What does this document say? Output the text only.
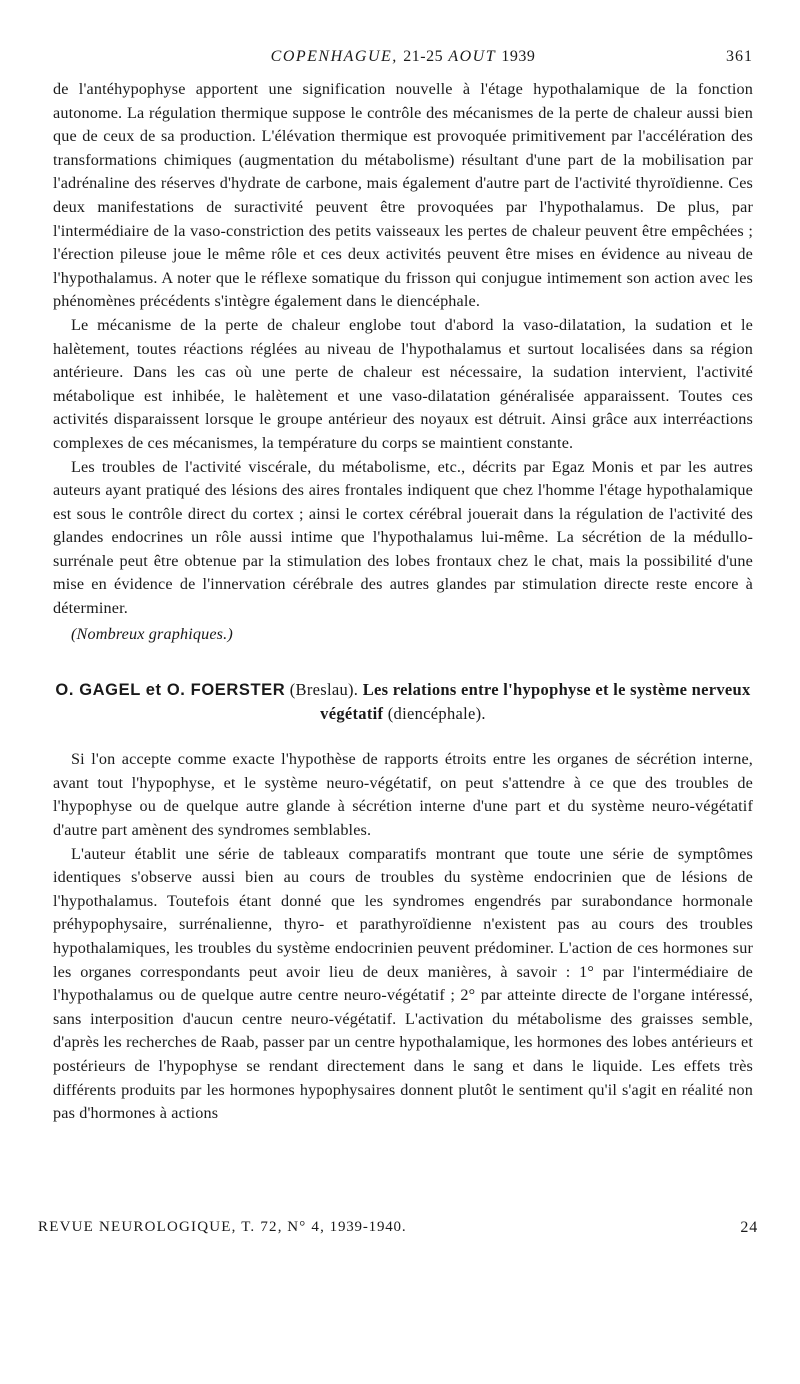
COPENHAGUE, 21-25 AOUT 1939	361

de l'antéhypophyse apportent une signification nouvelle à l'étage hypothalamique de la fonction autonome. La régulation thermique suppose le contrôle des mécanismes de la perte de chaleur aussi bien que de ceux de sa production. L'élévation thermique est provoquée primitivement par l'accélération des transformations chimiques (augmentation du métabolisme) résultant d'une part de la mobilisation par l'adrénaline des réserves d'hydrate de carbone, mais également d'autre part de l'activité thyroïdienne. Ces deux manifestations de suractivité peuvent être provoquées par l'hypothalamus. De plus, par l'intermédiaire de la vaso-constriction des petits vaisseaux les pertes de chaleur peuvent être empêchées ; l'érection pileuse joue le même rôle et ces deux activités peuvent être mises en évidence au niveau de l'hypothalamus. A noter que le réflexe somatique du frisson qui conjugue intimement son action avec les phénomènes précédents s'intègre également dans le diencéphale.

Le mécanisme de la perte de chaleur englobe tout d'abord la vaso-dilatation, la sudation et le halètement, toutes réactions réglées au niveau de l'hypothalamus et surtout localisées dans sa région antérieure. Dans les cas où une perte de chaleur est nécessaire, la sudation intervient, l'activité métabolique est inhibée, le halètement et une vaso-dilatation généralisée apparaissent. Toutes ces activités disparaissent lorsque le groupe antérieur des noyaux est détruit. Ainsi grâce aux interréactions complexes de ces mécanismes, la température du corps se maintient constante.

Les troubles de l'activité viscérale, du métabolisme, etc., décrits par Egaz Monis et par les autres auteurs ayant pratiqué des lésions des aires frontales indiquent que chez l'homme l'étage hypothalamique est sous le contrôle direct du cortex ; ainsi le cortex cérébral jouerait dans la régulation de l'activité des glandes endocrines un rôle aussi intime que l'hypothalamus lui-même. La sécrétion de la médullo-surrénale peut être obtenue par la stimulation des lobes frontaux chez le chat, mais la possibilité d'une mise en évidence de l'innervation cérébrale des autres glandes par stimulation directe reste encore à déterminer.

(Nombreux graphiques.)

O. GAGEL et O. FOERSTER (Breslau). Les relations entre l'hypophyse et le système nerveux végétatif (diencéphale).

Si l'on accepte comme exacte l'hypothèse de rapports étroits entre les organes de sécrétion interne, avant tout l'hypophyse, et le système neuro-végétatif, on peut s'attendre à ce que des troubles de l'hypophyse ou de quelque autre glande à sécrétion interne d'une part et du système neuro-végétatif d'autre part amènent des syndromes semblables.

L'auteur établit une série de tableaux comparatifs montrant que toute une série de symptômes identiques s'observe aussi bien au cours de troubles du système endocrinien que de lésions de l'hypothalamus. Toutefois étant donné que les syndromes engendrés par surabondance hormonale préhypophysaire, surrénalienne, thyro- et parathyroïdienne n'existent pas au cours des troubles hypothalamiques, les troubles du système endocrinien peuvent prédominer. L'action de ces hormones sur les organes correspondants peut avoir lieu de deux manières, à savoir : 1° par l'intermédiaire de l'hypothalamus ou de quelque autre centre neuro-végétatif ; 2° par atteinte directe de l'organe intéressé, sans interposition d'aucun centre neuro-végétatif. L'activation du métabolisme des graisses semble, d'après les recherches de Raab, passer par un centre hypothalamique, les hormones des lobes antérieurs et postérieurs de l'hypophyse se rendant directement dans le sang et dans le liquide. Les effets très différents produits par les hormones hypophysaires donnent plutôt le sentiment qu'il s'agit en réalité non pas d'hormones à actions

REVUE NEUROLOGIQUE, T. 72, N° 4, 1939-1940.	24
